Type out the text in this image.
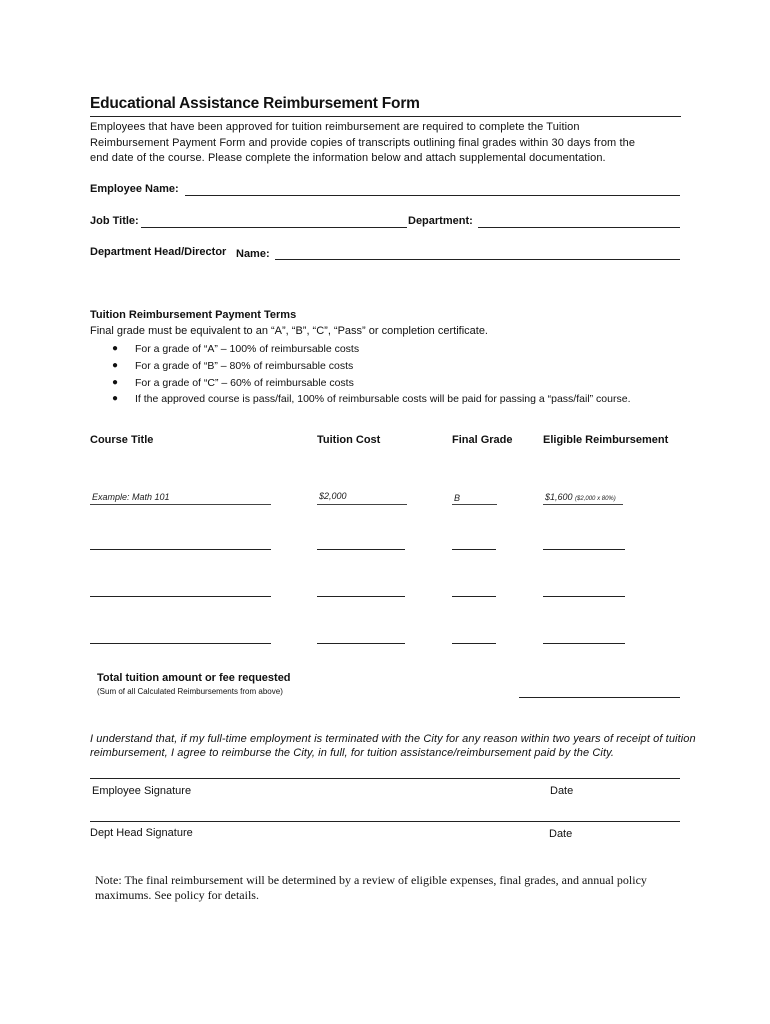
Educational Assistance Reimbursement Form
Employees that have been approved for tuition reimbursement are required to complete the Tuition
Reimbursement Payment Form and provide copies of transcripts outlining final grades within 30 days from the
end date of the course. Please complete the information below and attach supplemental documentation.
Employee Name:
Job Title:	Department:
Department Head/Director Name:
Tuition Reimbursement Payment Terms
Final grade must be equivalent to an “A”, “B”, “C”, “Pass” or completion certificate.
● For a grade of “A” – 100% of reimbursable costs
● For a grade of “B” – 80% of reimbursable costs
● For a grade of “C” – 60% of reimbursable costs
● If the approved course is pass/fail, 100% of reimbursable costs will be paid for passing a “pass/fail” course.
Course Title	Tuition Cost	Final Grade	Eligible Reimbursement
Example: Math 101	$2,000	B	$1,600 ($2,000 x 80%)
Total tuition amount or fee requested
(Sum of all Calculated Reimbursements from above)
I understand that, if my full-time employment is terminated with the City for any reason within two years of receipt of tuition reimbursement, I agree to reimburse the City, in full, for tuition assistance/reimbursement paid by the City.
Employee Signature	Date
Dept Head Signature	Date
Note: The final reimbursement will be determined by a review of eligible expenses, final grades, and annual policy maximums. See policy for details.
